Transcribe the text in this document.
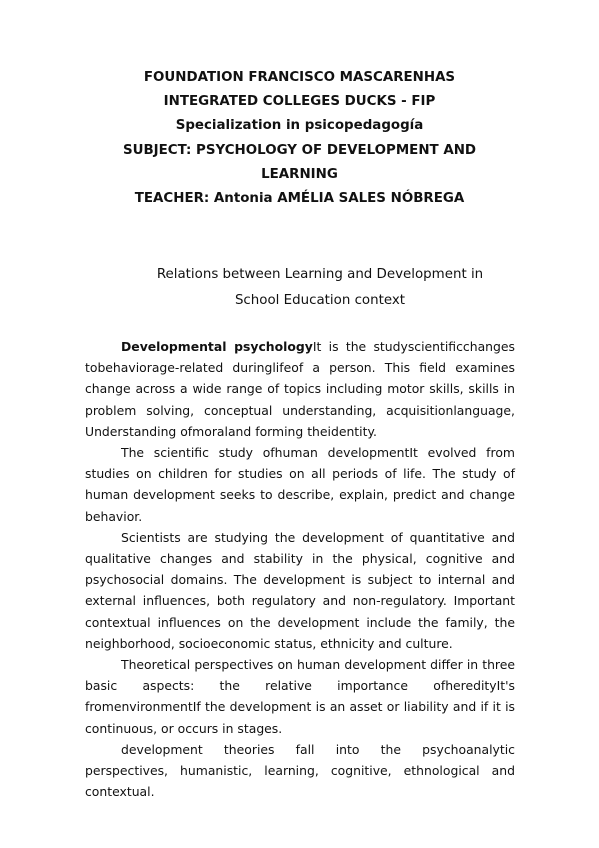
FOUNDATION FRANCISCO MASCARENHAS
INTEGRATED COLLEGES DUCKS - FIP
Specialization in psicopedagogía
SUBJECT: PSYCHOLOGY OF DEVELOPMENT AND
LEARNING
TEACHER: Antonia AMÉLIA SALES NÓBREGA
Relations between Learning and Development in
School Education context

Developmental psychologyIt is the studyscientificchanges tobehaviorage-related duringlifeof a person. This field examines change across a wide range of topics including motor skills, skills in problem solving, conceptual understanding, acquisitionlanguage, Understanding ofmoraland forming theidentity.

The scientific study ofhuman developmentIt evolved from studies on children for studies on all periods of life. The study of human development seeks to describe, explain, predict and change behavior.

Scientists are studying the development of quantitative and qualitative changes and stability in the physical, cognitive and psychosocial domains. The development is subject to internal and external influences, both regulatory and non-regulatory. Important contextual influences on the development include the family, the neighborhood, socioeconomic status, ethnicity and culture.

Theoretical perspectives on human development differ in three basic aspects: the relative importance ofheredityIt's fromenvironmentIf the development is an asset or liability and if it is continuous, or occurs in stages.

development theories fall into the psychoanalytic perspectives, humanistic, learning, cognitive, ethnological and contextual.
